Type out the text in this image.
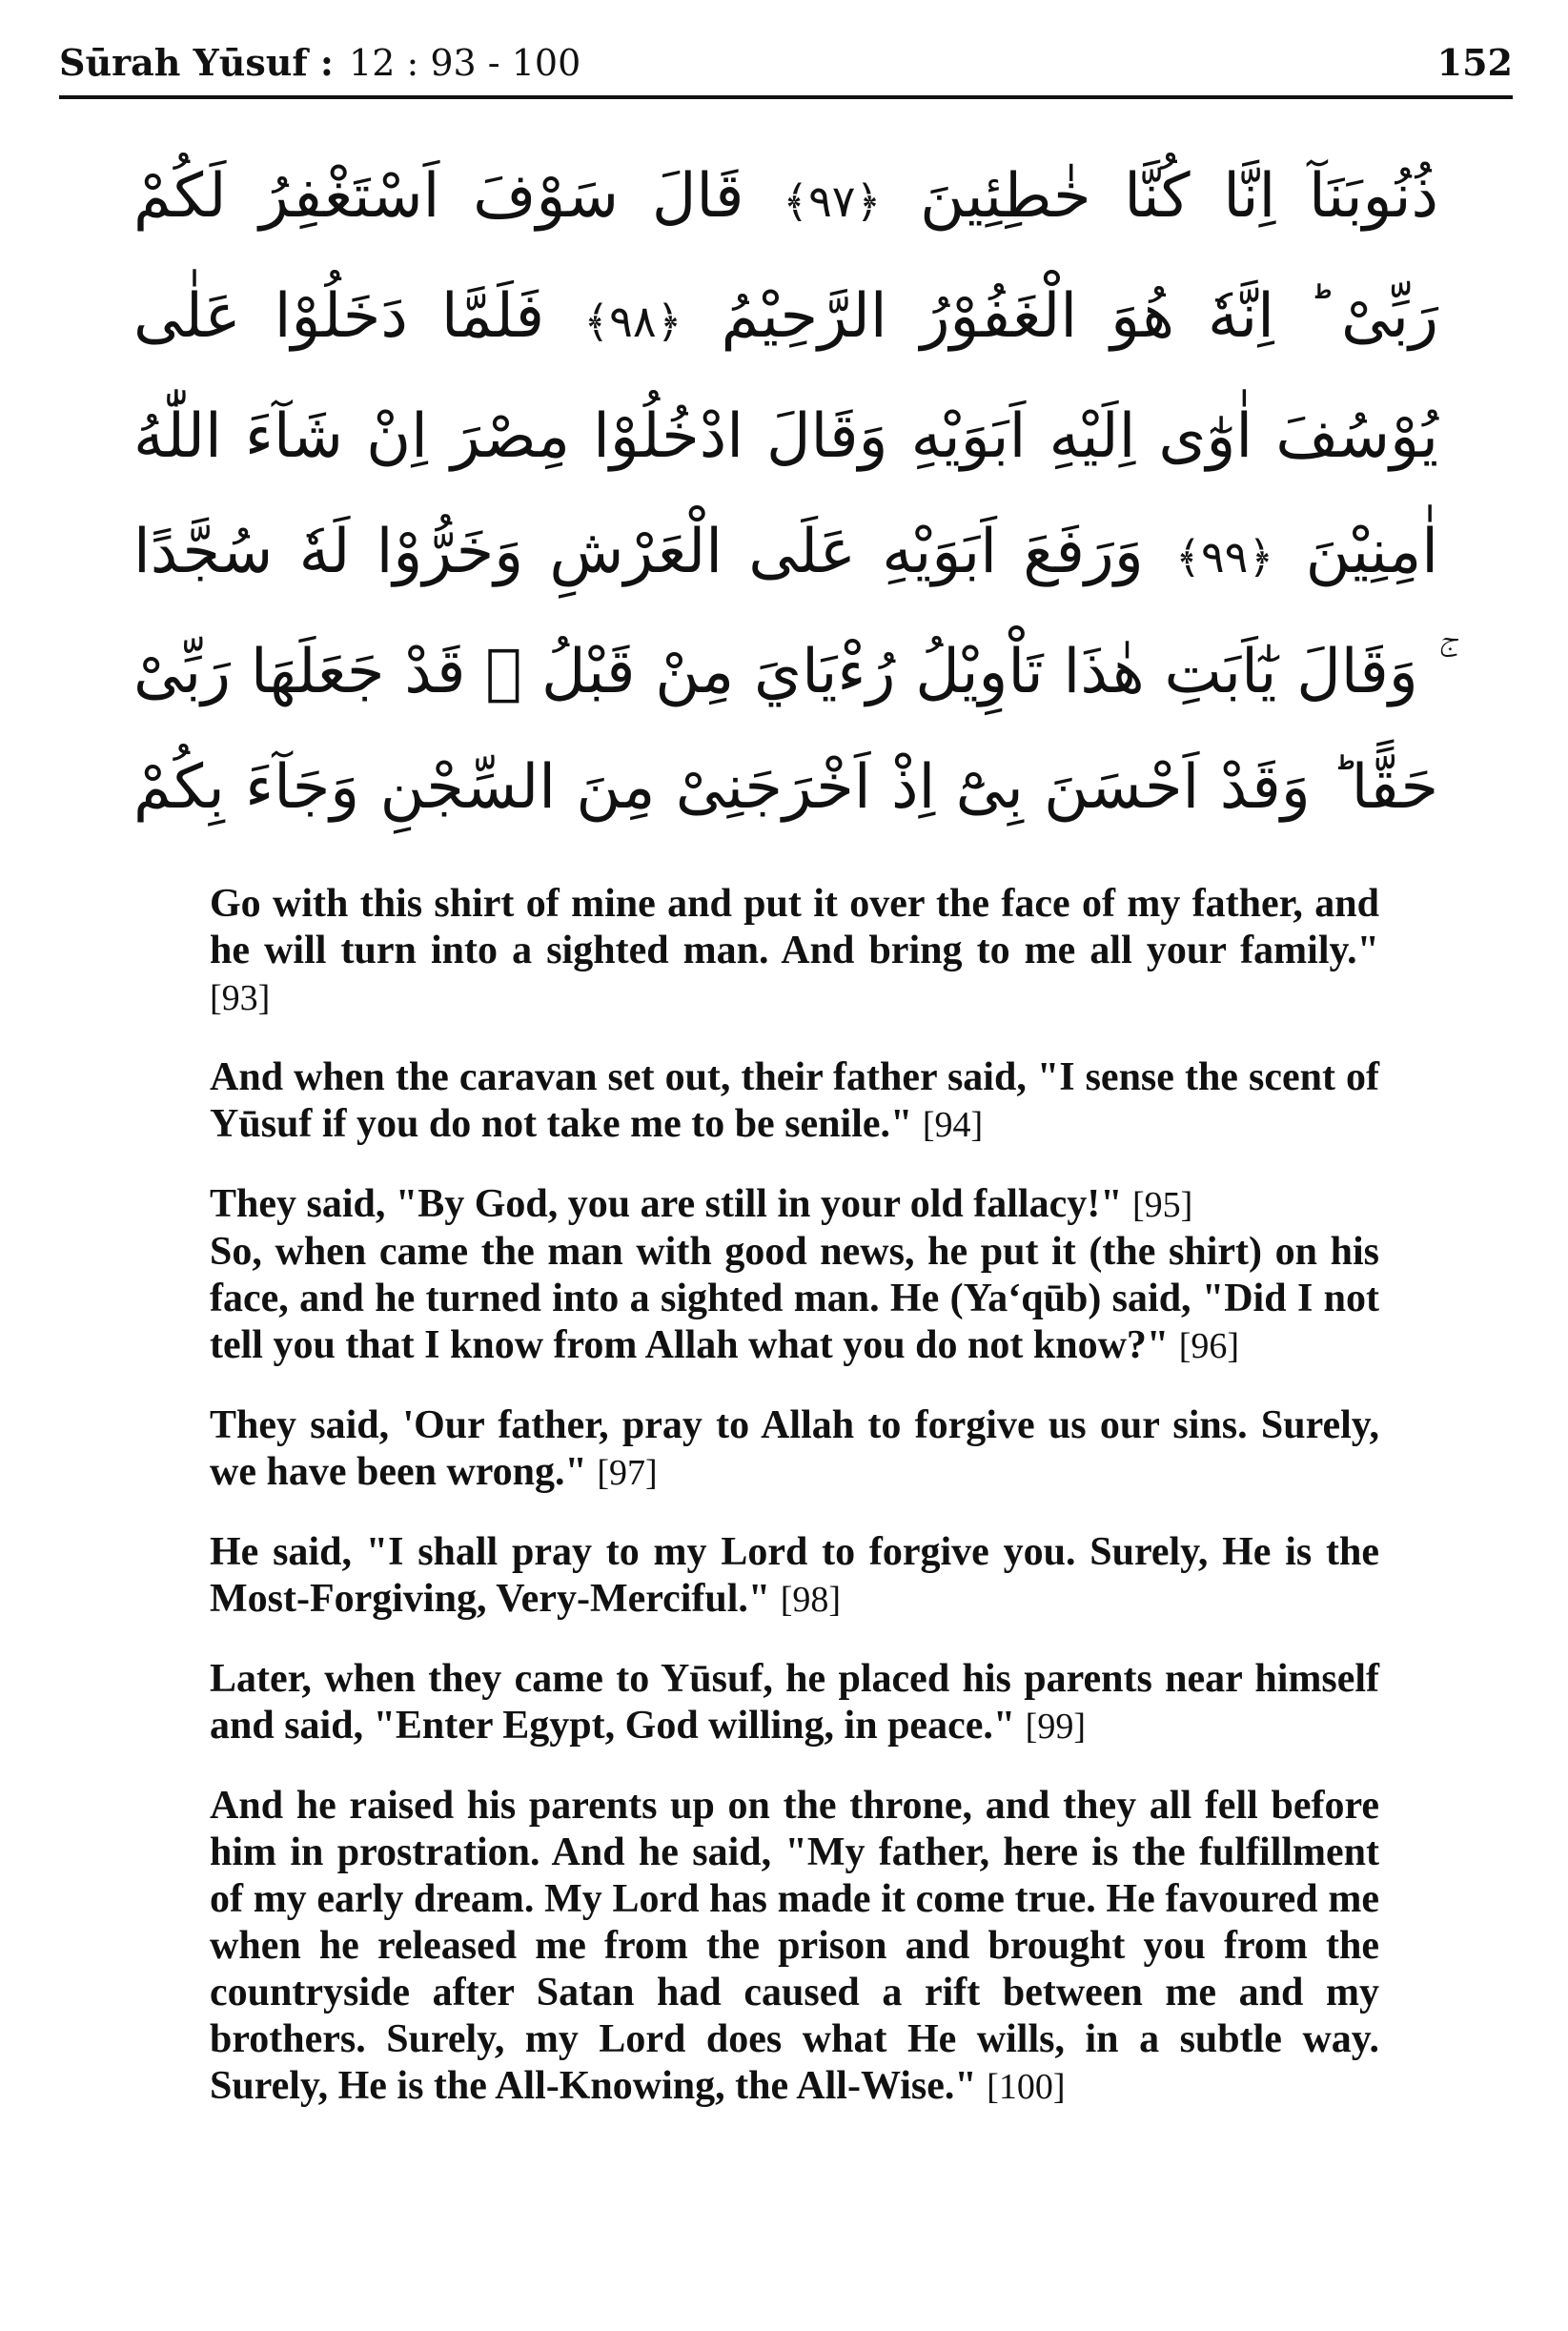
Sūrah Yūsuf : 12 : 93 - 100	152
ذُنُوبَنَآ اِنَّا كُنَّا خٰطِئِينَ ﴿٩٧﴾ قَالَ سَوْفَ اَسْتَغْفِرُ لَكُمْ رَبِّىْ ؕ اِنَّهٗ هُوَ الْغَفُوْرُ الرَّحِيْمُ ﴿٩٨﴾ فَلَمَّا دَخَلُوْا عَلٰى يُوْسُفَ اٰوٰٓى اِلَيْهِ اَبَوَيْهِ وَقَالَ ادْخُلُوْا مِصْرَ اِنْ شَآءَ اللّٰهُ اٰمِنِيْنَ ﴿٩٩﴾ وَرَفَعَ اَبَوَيْهِ عَلَى الْعَرْشِ وَخَرُّوْا لَهٗ سُجَّدًا ۚ وَقَالَ يٰٓاَبَتِ هٰذَا تَاْوِيْلُ رُءْيَايَ مِنْ قَبْلُ ؗ قَدْ جَعَلَهَا رَبِّىْ حَقًّا ؕ وَقَدْ اَحْسَنَ بِىْٓ اِذْ اَخْرَجَنِىْ مِنَ السِّجْنِ وَجَآءَ بِكُمْ

Go with this shirt of mine and put it over the face of my father, and he will turn into a sighted man. And bring to me all your family." [93]

And when the caravan set out, their father said, "I sense the scent of Yūsuf if you do not take me to be senile." [94]

They said, "By God, you are still in your old fallacy!" [95]
So, when came the man with good news, he put it (the shirt) on his face, and he turned into a sighted man. He (Ya‘qūb) said, "Did I not tell you that I know from Allah what you do not know?" [96]

They said, 'Our father, pray to Allah to forgive us our sins. Surely, we have been wrong." [97]

He said, "I shall pray to my Lord to forgive you. Surely, He is the Most-Forgiving, Very-Merciful." [98]

Later, when they came to Yūsuf, he placed his parents near himself and said, "Enter Egypt, God willing, in peace." [99]

And he raised his parents up on the throne, and they all fell before him in prostration. And he said, "My father, here is the fulfillment of my early dream. My Lord has made it come true. He favoured me when he released me from the prison and brought you from the countryside after Satan had caused a rift between me and my brothers. Surely, my Lord does what He wills, in a subtle way. Surely, He is the All-Knowing, the All-Wise." [100]
